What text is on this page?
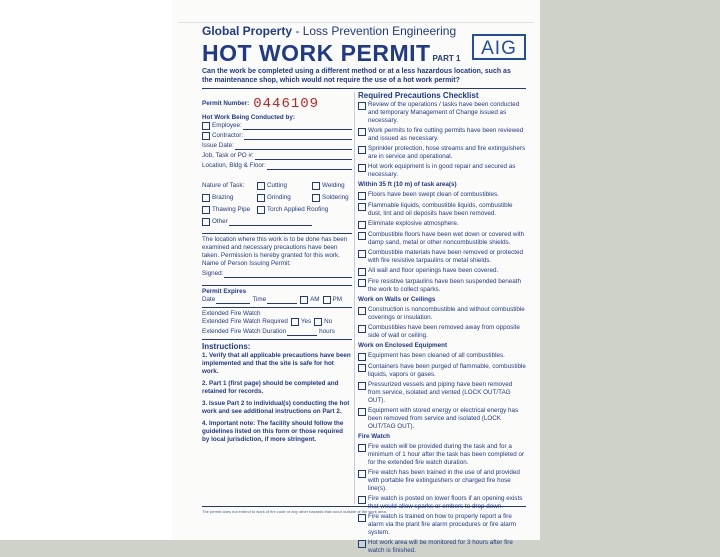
Global Property - Loss Prevention Engineering
HOT WORK PERMIT PART 1	AIG
Can the work be completed using a different method or at a less hazardous location, such as the maintenance shop, which would not require the use of a hot work permit?
Permit Number: 0446109
Hot Work Being Conducted by:
Employee:
Contractor:
Issue Date:
Job, Task or PO #:
Location, Bldg & Floor:
Nature of Task:	Cutting	Welding
Brazing	Grinding	Soldering
Thawing Pipe	Torch Applied Roofing
Other
The location where this work is to be done has been examined and necessary precautions have been taken. Permission is hereby granted for this work.
Name of Person Issuing Permit:
Signed:
Permit Expires
Date	Time	AM PM
Extended Fire Watch
Extended Fire Watch Required Yes No
Extended Fire Watch Duration	hours
Instructions:
1. Verify that all applicable precautions have been implemented and that the site is safe for hot work.
2. Part 1 (first page) should be completed and retained for records.
3. Issue Part 2 to individual(s) conducting the hot work and see additional instructions on Part 2.
4. Important note: The facility should follow the guidelines listed on this form or those required by local jurisdiction, if more stringent.
Required Precautions Checklist
Review of the operations / tasks have been conducted and temporary Management of Change issued as necessary.
Work permits to fire cutting permits have been reviewed and issued as necessary.
Sprinkler protection, hose streams and fire extinguishers are in service and operational.
Hot work equipment is in good repair and secured as necessary.
Within 35 ft (10 m) of task area(s)
Floors have been swept clean of combustibles.
Flammable liquids, combustible liquids, combustible dust, lint and oil deposits have been removed.
Eliminate explosive atmosphere.
Combustible floors have been wet down or covered with damp sand, metal or other noncombustible shields.
Combustible materials have been removed or protected with fire resistive tarpaulins or metal shields.
All wall and floor openings have been covered.
Fire resistive tarpaulins have been suspended beneath the work to collect sparks.
Work on Walls or Ceilings
Construction is noncombustible and without combustible coverings or insulation.
Combustibles have been removed away from opposite side of wall or ceiling.
Work on Enclosed Equipment
Equipment has been cleaned of all combustibles.
Containers have been purged of flammable, combustible liquids, vapors or gases.
Pressurized vessels and piping have been removed from service, isolated and vented (LOCK OUT/TAG OUT).
Equipment with stored energy or electrical energy has been removed from service and isolated (LOCK OUT/TAG OUT).
Fire Watch
Fire watch will be provided during the task and for a minimum of 1 hour after the task has been completed or for the extended fire watch duration.
Fire watch has been trained in the use of and provided with portable fire extinguishers or charged fire hose line(s).
Fire watch is posted on lower floors if an opening exists that would allow sparks or embers to drop down.
Fire watch is trained on how to properly report a fire alarm via the plant fire alarm procedures or fire alarm system.
Hot work area will be monitored for 3 hours after fire watch is finished.
The permit does not extend to work of fire code or any other hazards that occur outside of the work area.
